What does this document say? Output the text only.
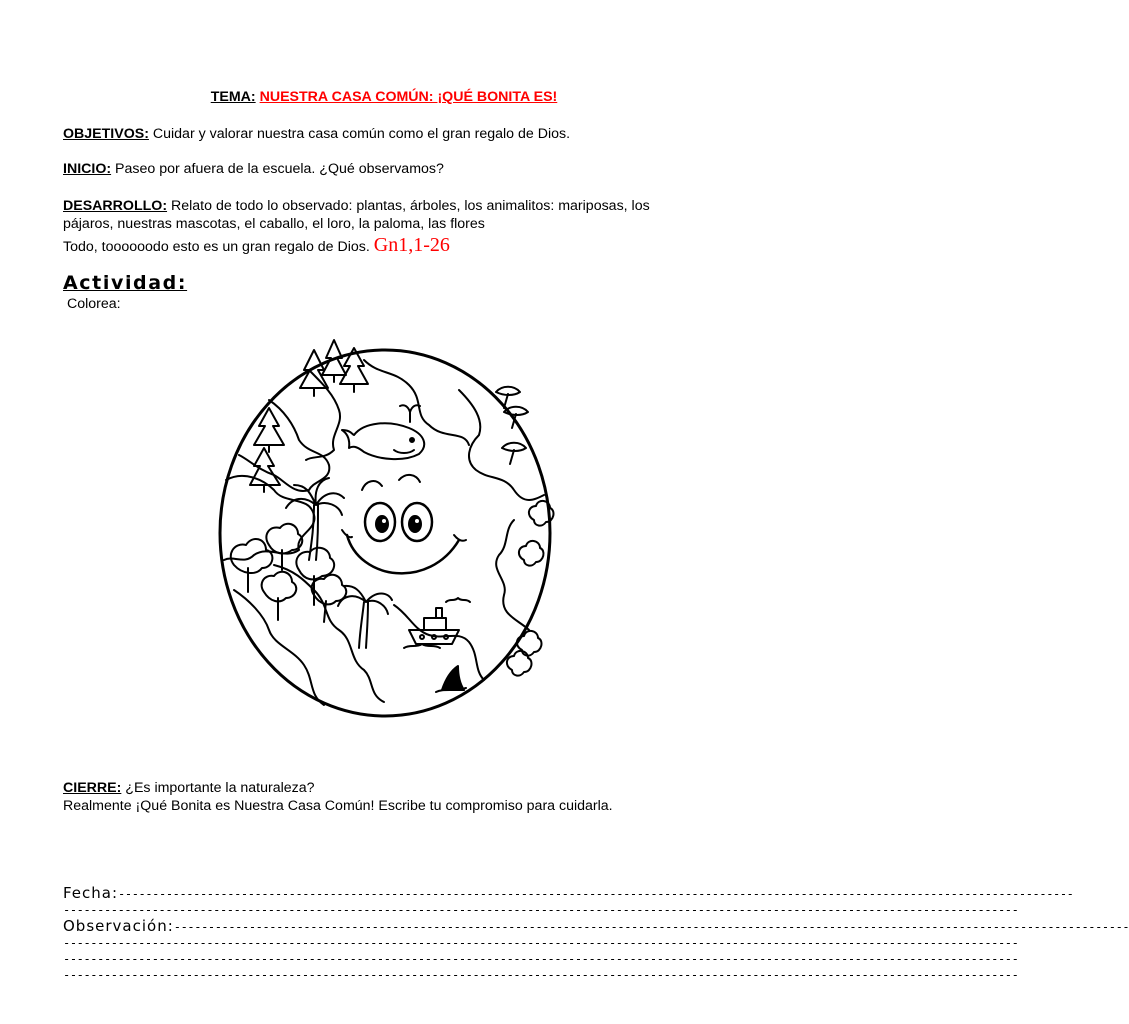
TEMA: NUESTRA CASA COMÚN: ¡QUÉ BONITA ES!
OBJETIVOS: Cuidar y valorar nuestra casa común como el gran regalo de Dios.
INICIO: Paseo por afuera de la escuela. ¿Qué observamos?
DESARROLLO: Relato de todo lo observado: plantas, árboles, los animalitos: mariposas, los
pájaros, nuestras mascotas, el caballo, el loro, la paloma, las flores
Todo, toooooodo esto es un gran regalo de Dios. Gn1,1-26
Actividad:
Colorea:
CIERRE: ¿Es importante la naturaleza?
Realmente ¡Qué Bonita es Nuestra Casa Común! Escribe tu compromiso para cuidarla.
Fecha:--------------------------------------------------------------------------------------------------------------------------------------------
--------------------------------------------------------------------------------------------------------------------------------------------
Observación:--------------------------------------------------------------------------------------------------------------------------------------------
--------------------------------------------------------------------------------------------------------------------------------------------
--------------------------------------------------------------------------------------------------------------------------------------------
--------------------------------------------------------------------------------------------------------------------------------------------
